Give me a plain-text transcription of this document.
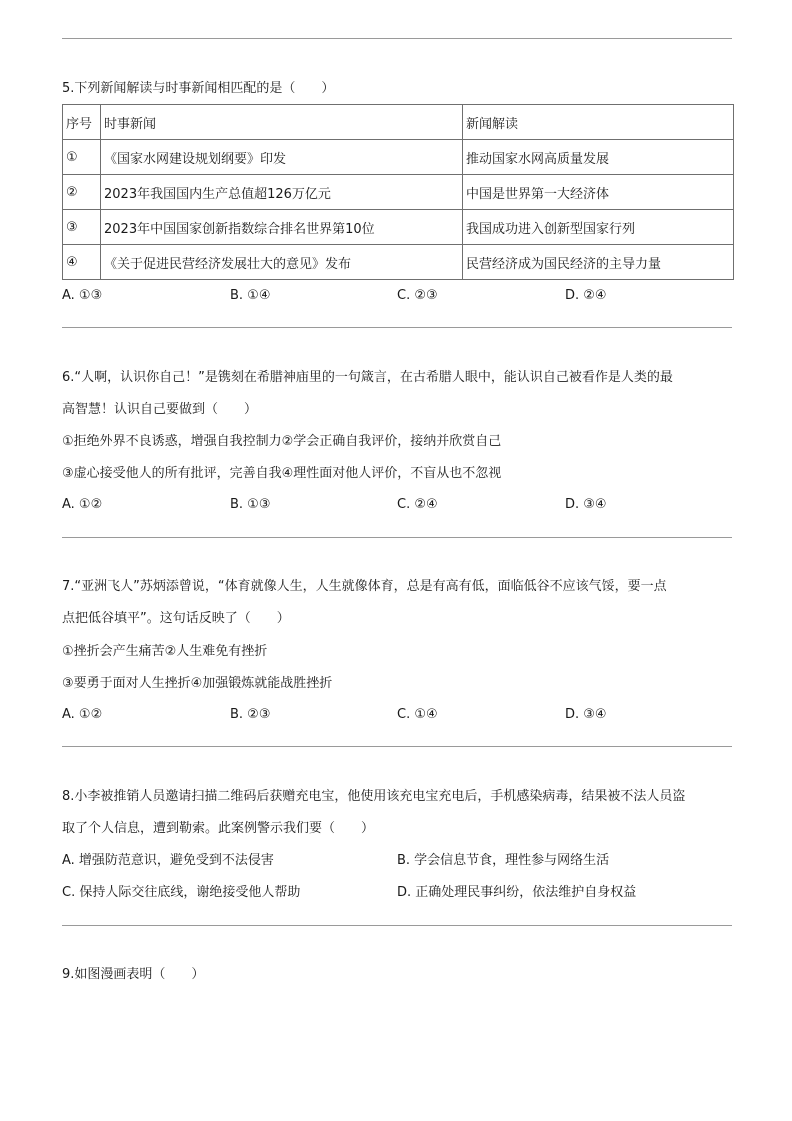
5.下列新闻解读与时事新闻相匹配的是（　　）
序号	时事新闻	新闻解读
①	《国家水网建设规划纲要》印发	推动国家水网高质量发展
②	2023年我国国内生产总值超126万亿元	中国是世界第一大经济体
③	2023年中国国家创新指数综合排名世界第10位	我国成功进入创新型国家行列
④	《关于促进民营经济发展壮大的意见》发布	民营经济成为国民经济的主导力量
A. ①③	B. ①④	C. ②③	D. ②④
6.“人啊，认识你自己！”是镌刻在希腊神庙里的一句箴言，在古希腊人眼中，能认识自己被看作是人类的最
高智慧！认识自己要做到（　　）
①拒绝外界不良诱惑，增强自我控制力②学会正确自我评价，接纳并欣赏自己
③虚心接受他人的所有批评，完善自我④理性面对他人评价，不盲从也不忽视
A. ①②	B. ①③	C. ②④	D. ③④
7.“亚洲飞人”苏炳添曾说，“体育就像人生，人生就像体育，总是有高有低，面临低谷不应该气馁，要一点
点把低谷填平”。这句话反映了（　　）
①挫折会产生痛苦②人生难免有挫折
③要勇于面对人生挫折④加强锻炼就能战胜挫折
A. ①②	B. ②③	C. ①④	D. ③④
8.小李被推销人员邀请扫描二维码后获赠充电宝，他使用该充电宝充电后，手机感染病毒，结果被不法人员盗
取了个人信息，遭到勒索。此案例警示我们要（　　）
A. 增强防范意识，避免受到不法侵害	B. 学会信息节食，理性参与网络生活
C. 保持人际交往底线，谢绝接受他人帮助	D. 正确处理民事纠纷，依法维护自身权益
9.如图漫画表明（　　）
